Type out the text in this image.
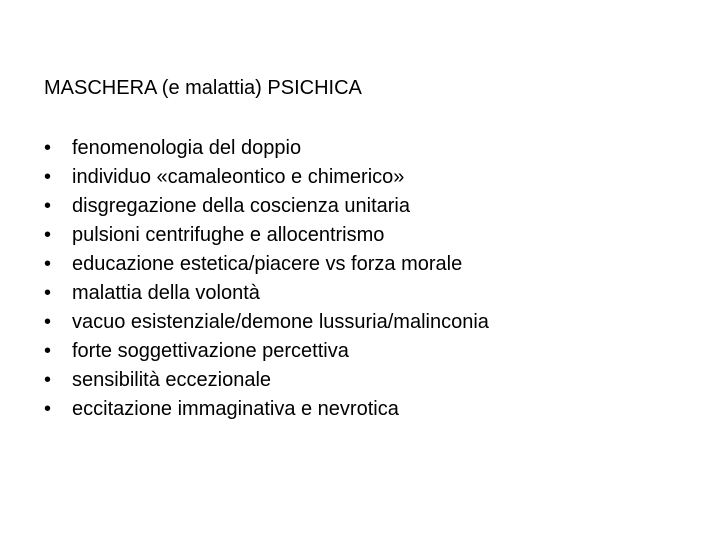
MASCHERA (e malattia) PSICHICA
•	fenomenologia del doppio
•	individuo «camaleontico e chimerico»
•	disgregazione della coscienza unitaria
•	pulsioni centrifughe e allocentrismo
•	educazione estetica/piacere vs forza morale
•	malattia della volontà
•	vacuo esistenziale/demone lussuria/malinconia
•	forte soggettivazione percettiva
•	sensibilità eccezionale
•	eccitazione immaginativa e nevrotica
